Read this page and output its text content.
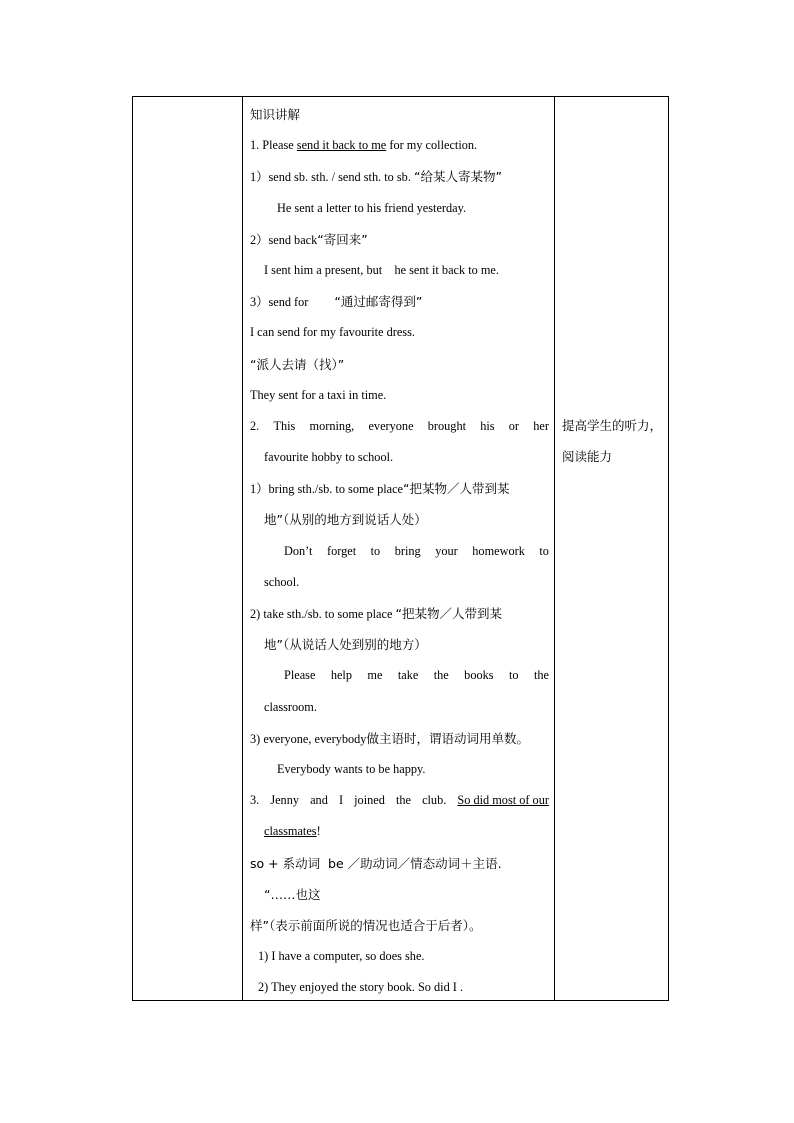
知识讲解
1. Please send it back to me for my collection.
1）send sb. sth. / send sth. to sb. “给某人寄某物”
He sent a letter to his friend yesterday.
2）send back“寄回来”
I sent him a present, but    he sent it back to me.
3）send for “通过邮寄得到”
I can send for my favourite dress.
“派人去请（找）”
They sent for a taxi in time.
2. This morning, everyone brought his or her
favourite hobby to school.
1）bring sth./sb. to some place“把某物／人带到某
地”（从别的地方到说话人处）
Don’t forget to bring your homework to
school.
2) take sth./sb. to some place “把某物／人带到某
地”（从说话人处到别的地方）
Please help me take the books to the
classroom.
3) everyone, everybody做主语时，谓语动词用单数。
Everybody wants to be happy.
3. Jenny and I joined the club. So did most of our
classmates!
so + 系动词  be ／助动词／情态动词＋主语.
“……也这
样”（表示前面所说的情况也适合于后者）。
1) I have a computer, so does she.
2) They enjoyed the story book. So did I .
提高学生的听力，
阅读能力
